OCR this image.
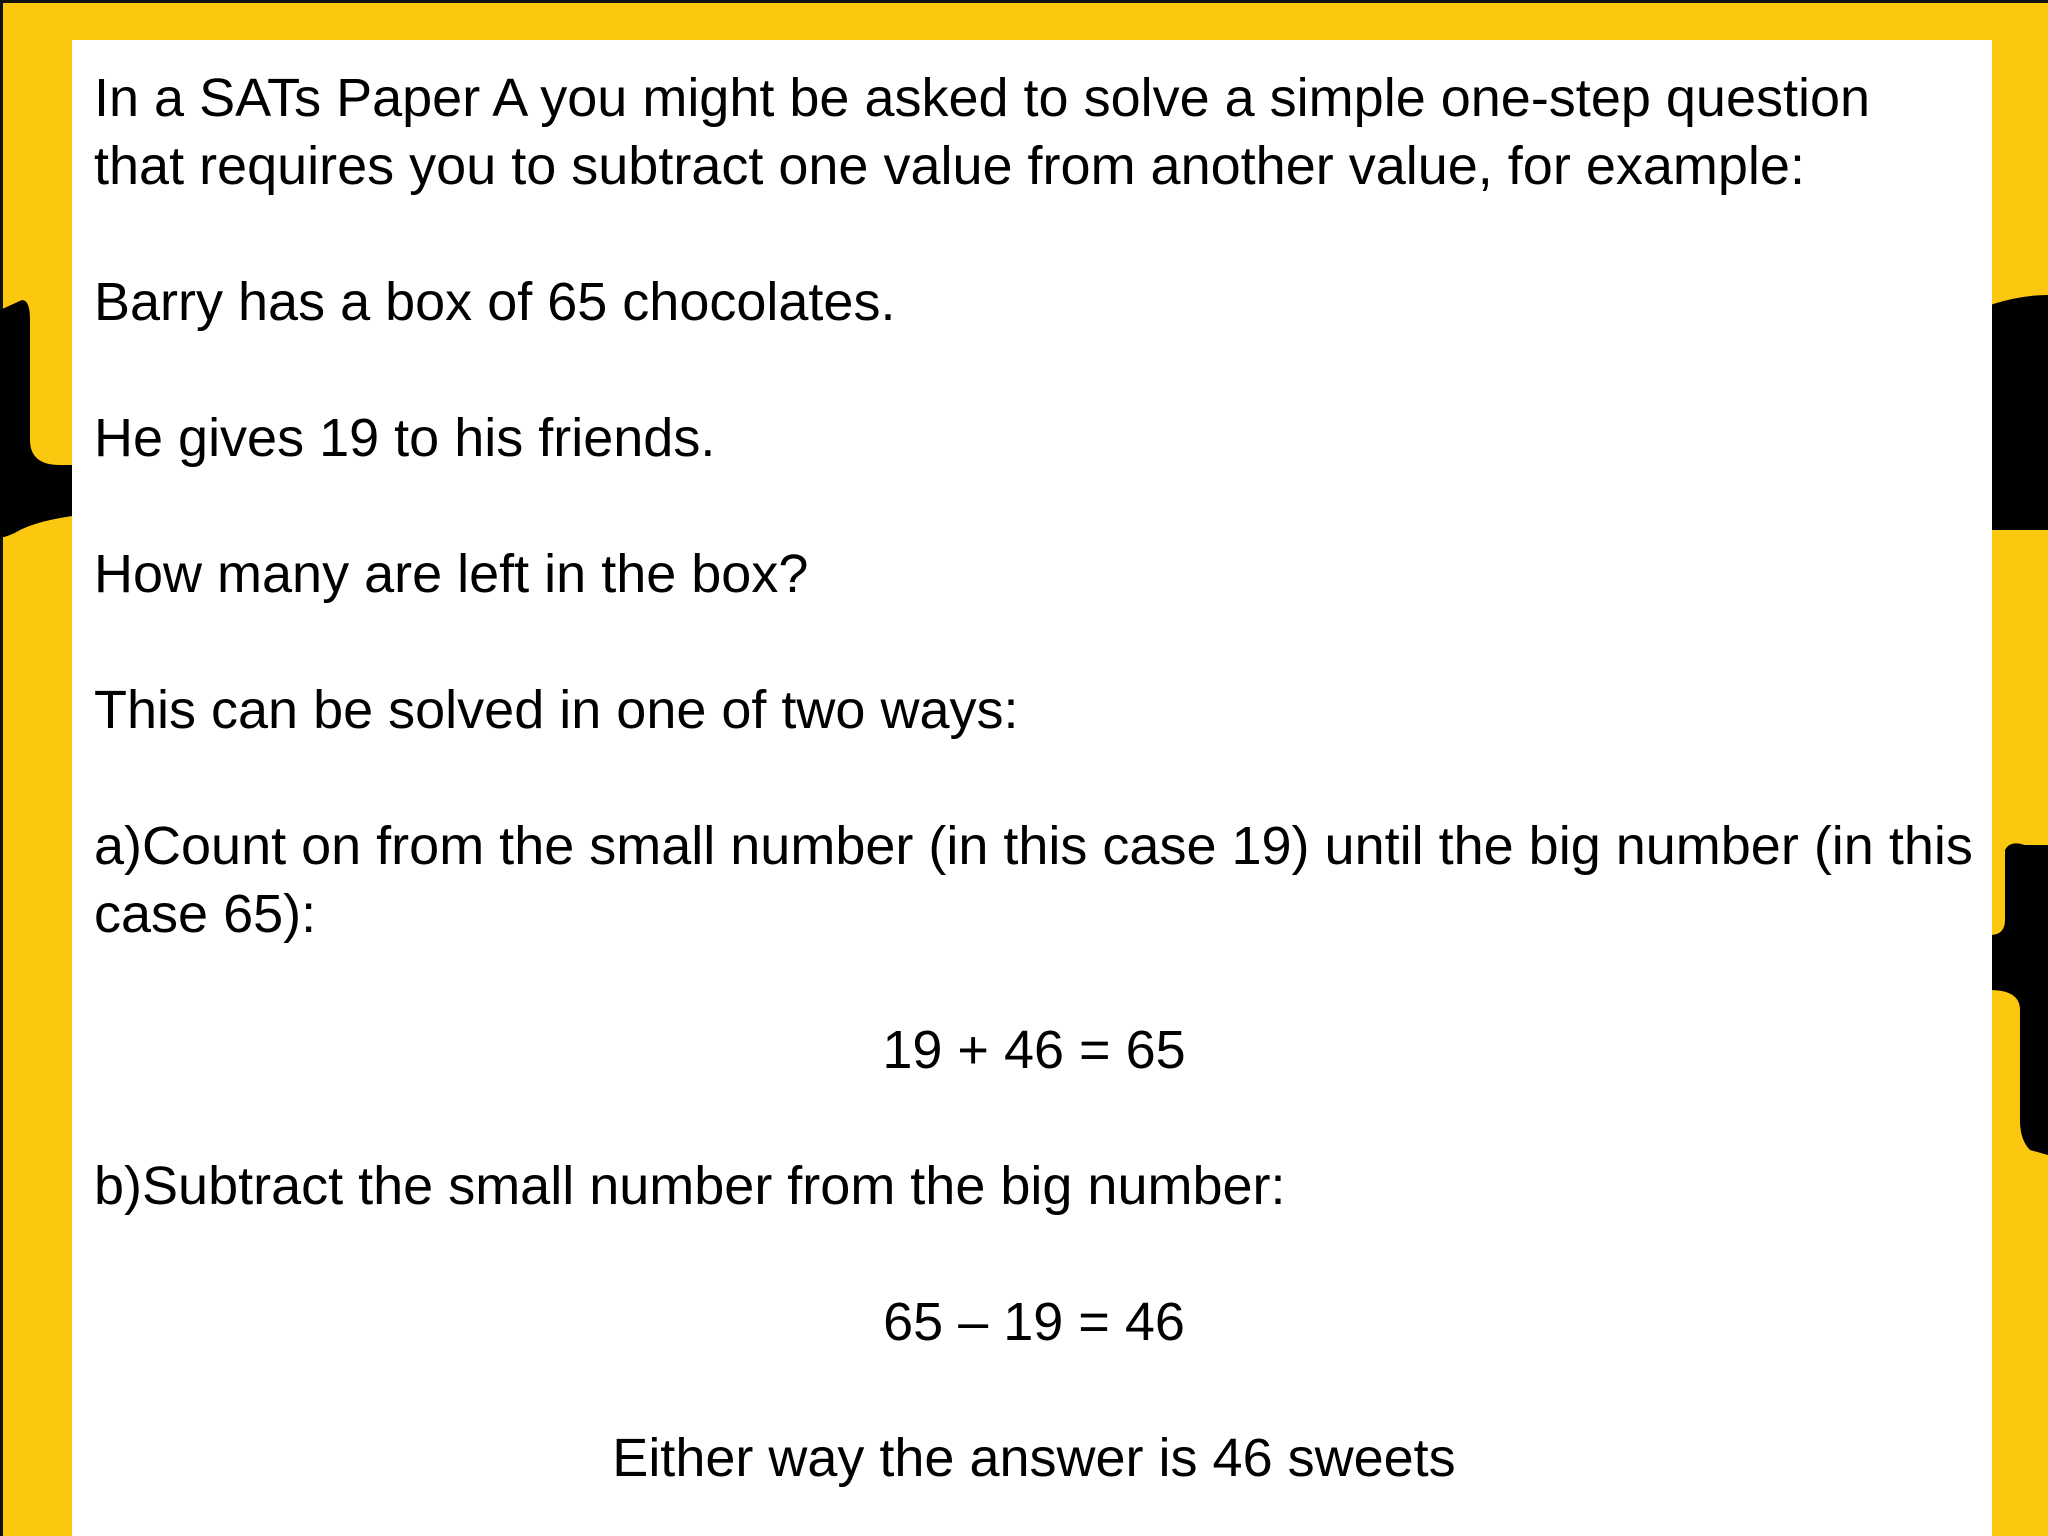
In a SATs Paper A you might be asked to solve a simple one-step question that requires you to subtract one value from another value, for example:

Barry has a box of 65 chocolates.

He gives 19 to his friends.

How many are left in the box?

This can be solved in one of two ways:

a)Count on from the small number (in this case 19) until the big number (in this case 65):

19 + 46 = 65

b)Subtract the small number from the big number:

65 – 19 = 46

Either way the answer is 46 sweets
